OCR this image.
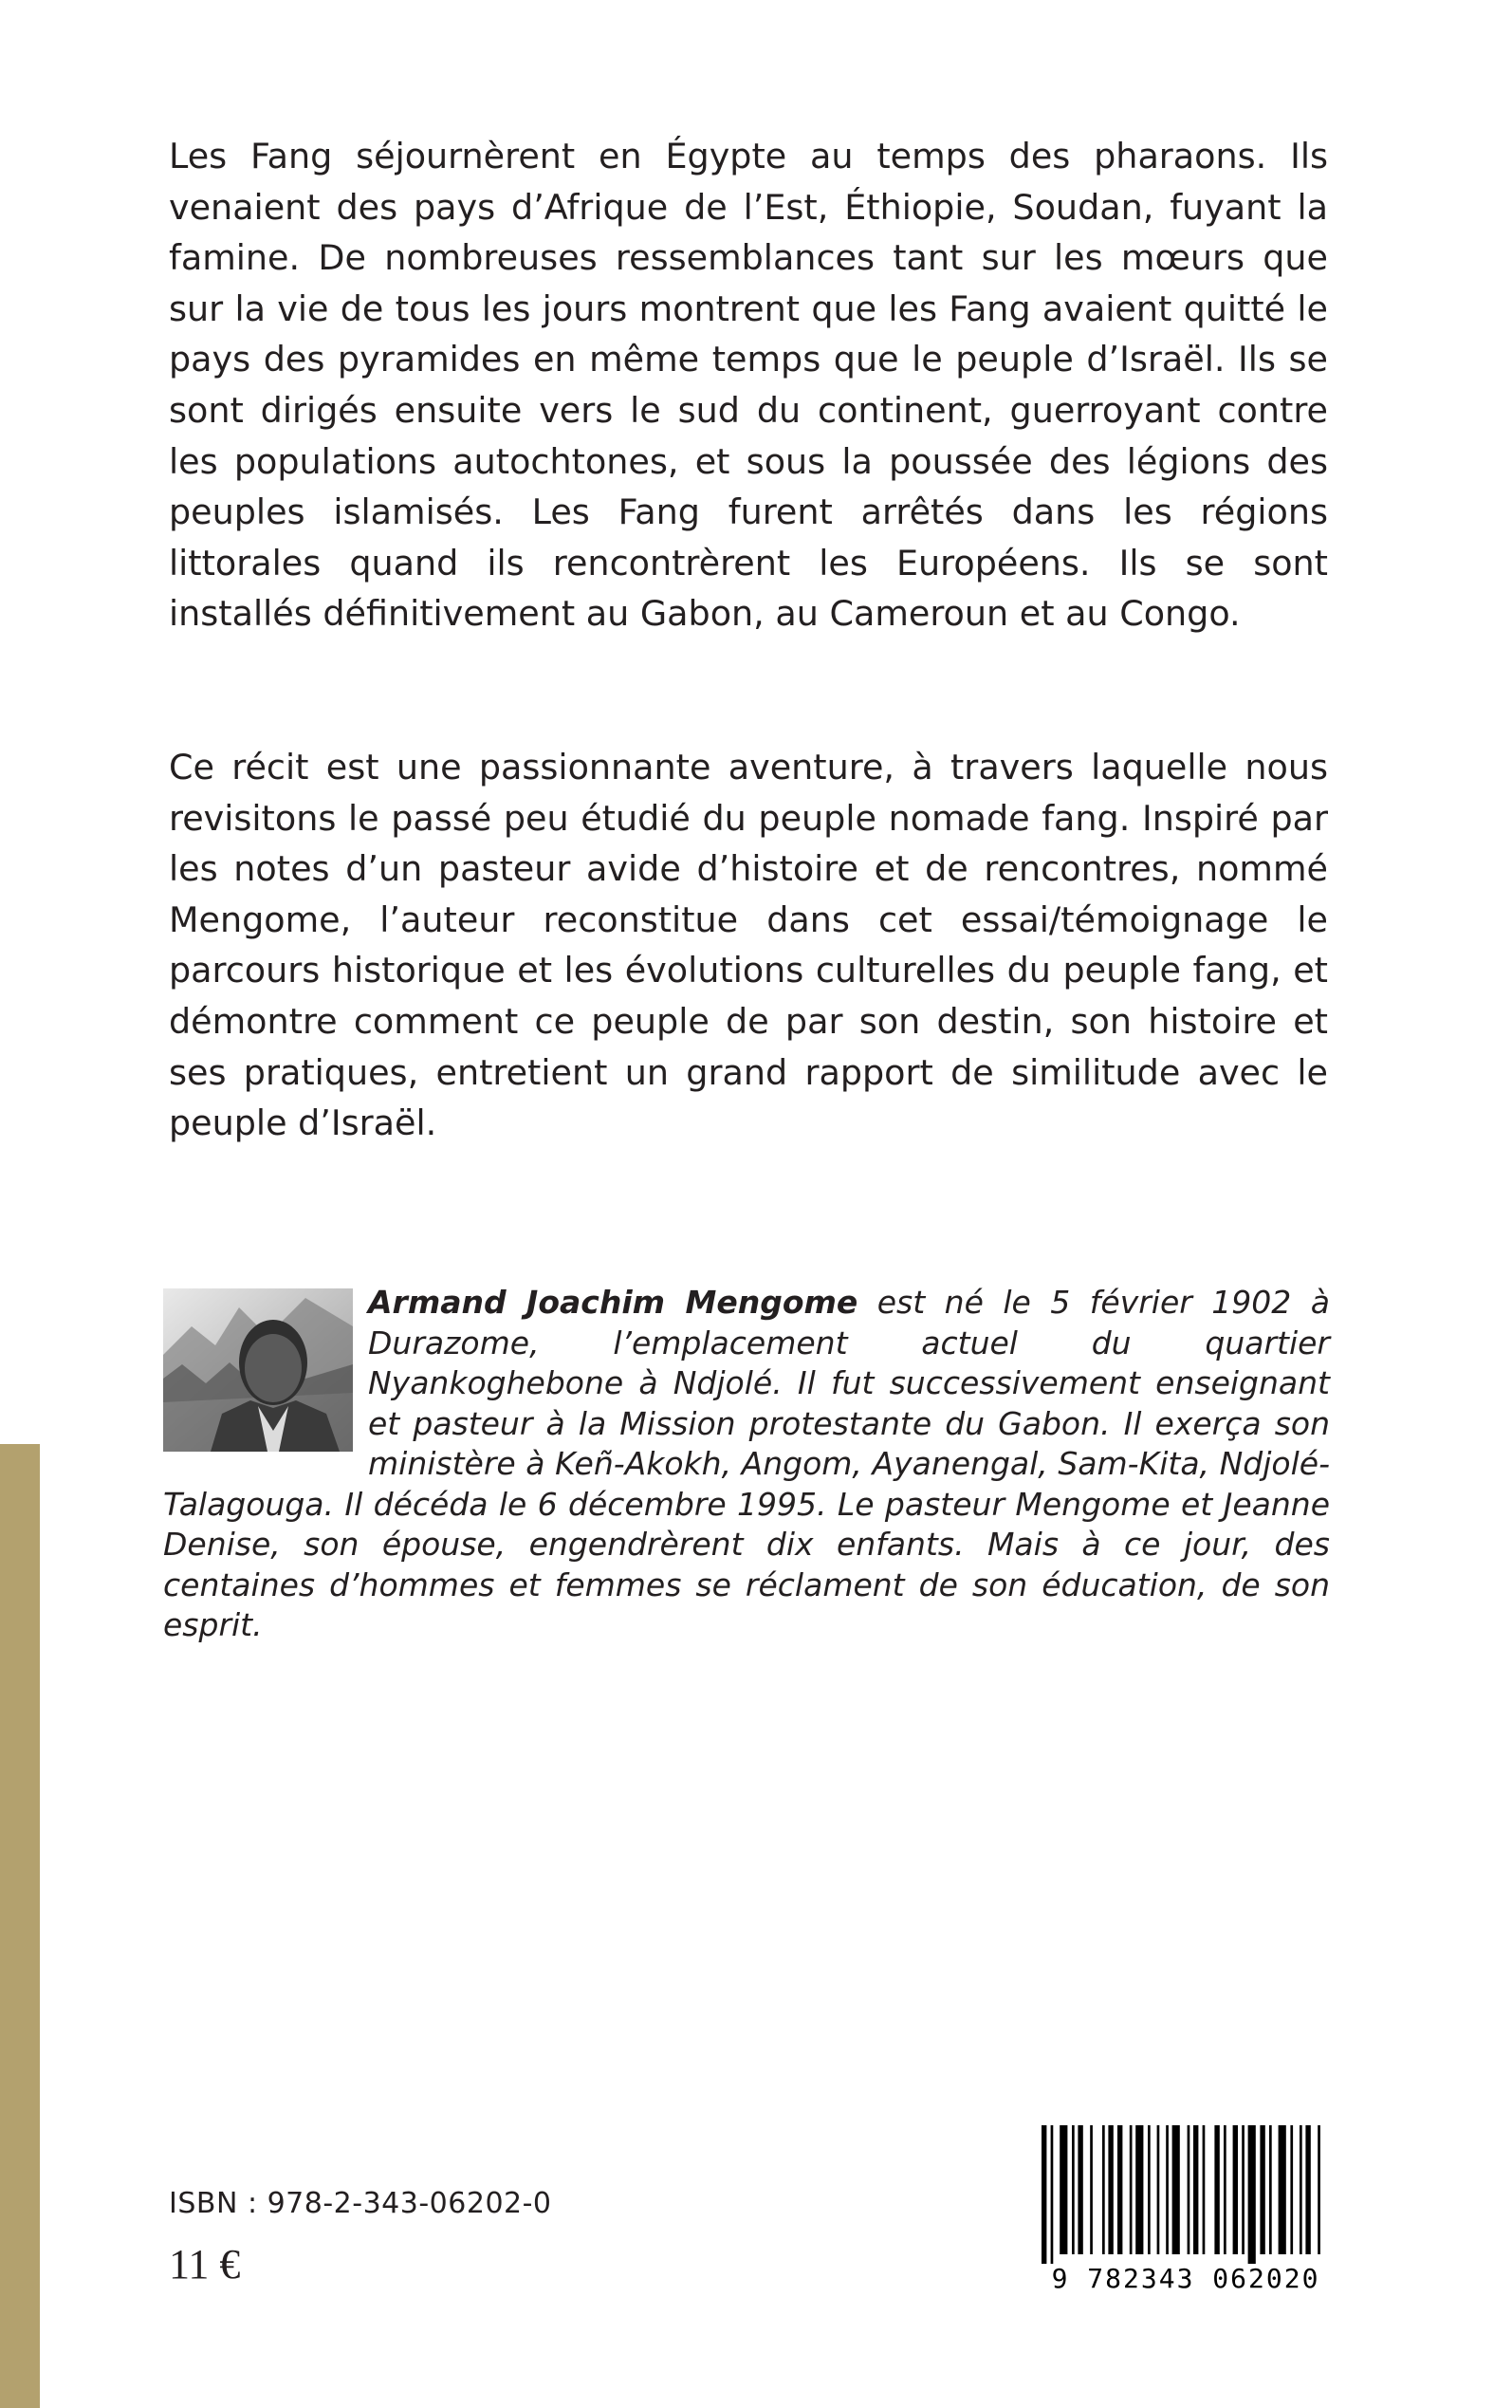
Les Fang séjournèrent en Égypte au temps des pharaons. Ils venaient des pays d’Afrique de l’Est, Éthiopie, Soudan, fuyant la famine. De nombreuses ressemblances tant sur les mœurs que sur la vie de tous les jours montrent que les Fang avaient quitté le pays des pyramides en même temps que le peuple d’Israël. Ils se sont dirigés ensuite vers le sud du continent, guerroyant contre les populations autochtones, et sous la poussée des légions des peuples islamisés. Les Fang furent arrêtés dans les régions littorales quand ils rencontrèrent les Européens. Ils se sont installés définitivement au Gabon, au Cameroun et au Congo.

Ce récit est une passionnante aventure, à travers laquelle nous revisitons le passé peu étudié du peuple nomade fang. Inspiré par les notes d’un pasteur avide d’histoire et de rencontres, nommé Mengome, l’auteur reconstitue dans cet essai/témoignage le parcours historique et les évolutions culturelles du peuple fang, et démontre comment ce peuple de par son destin, son histoire et ses pratiques, entretient un grand rapport de similitude avec le peuple d’Israël.

Armand Joachim Mengome est né le 5 février 1902 à Durazome, l’emplacement actuel du quartier Nyankoghebone à Ndjolé. Il fut successivement enseignant et pasteur à la Mission protestante du Gabon. Il exerça son ministère à Keñ-Akokh, Angom, Ayanengal, Sam-Kita, Ndjolé-Talagouga. Il décéda le 6 décembre 1995. Le pasteur Mengome et Jeanne Denise, son épouse, engendrèrent dix enfants. Mais à ce jour, des centaines d’hommes et femmes se réclament de son éducation, de son esprit.

ISBN : 978-2-343-06202-0
11 €	9 782343 062020
